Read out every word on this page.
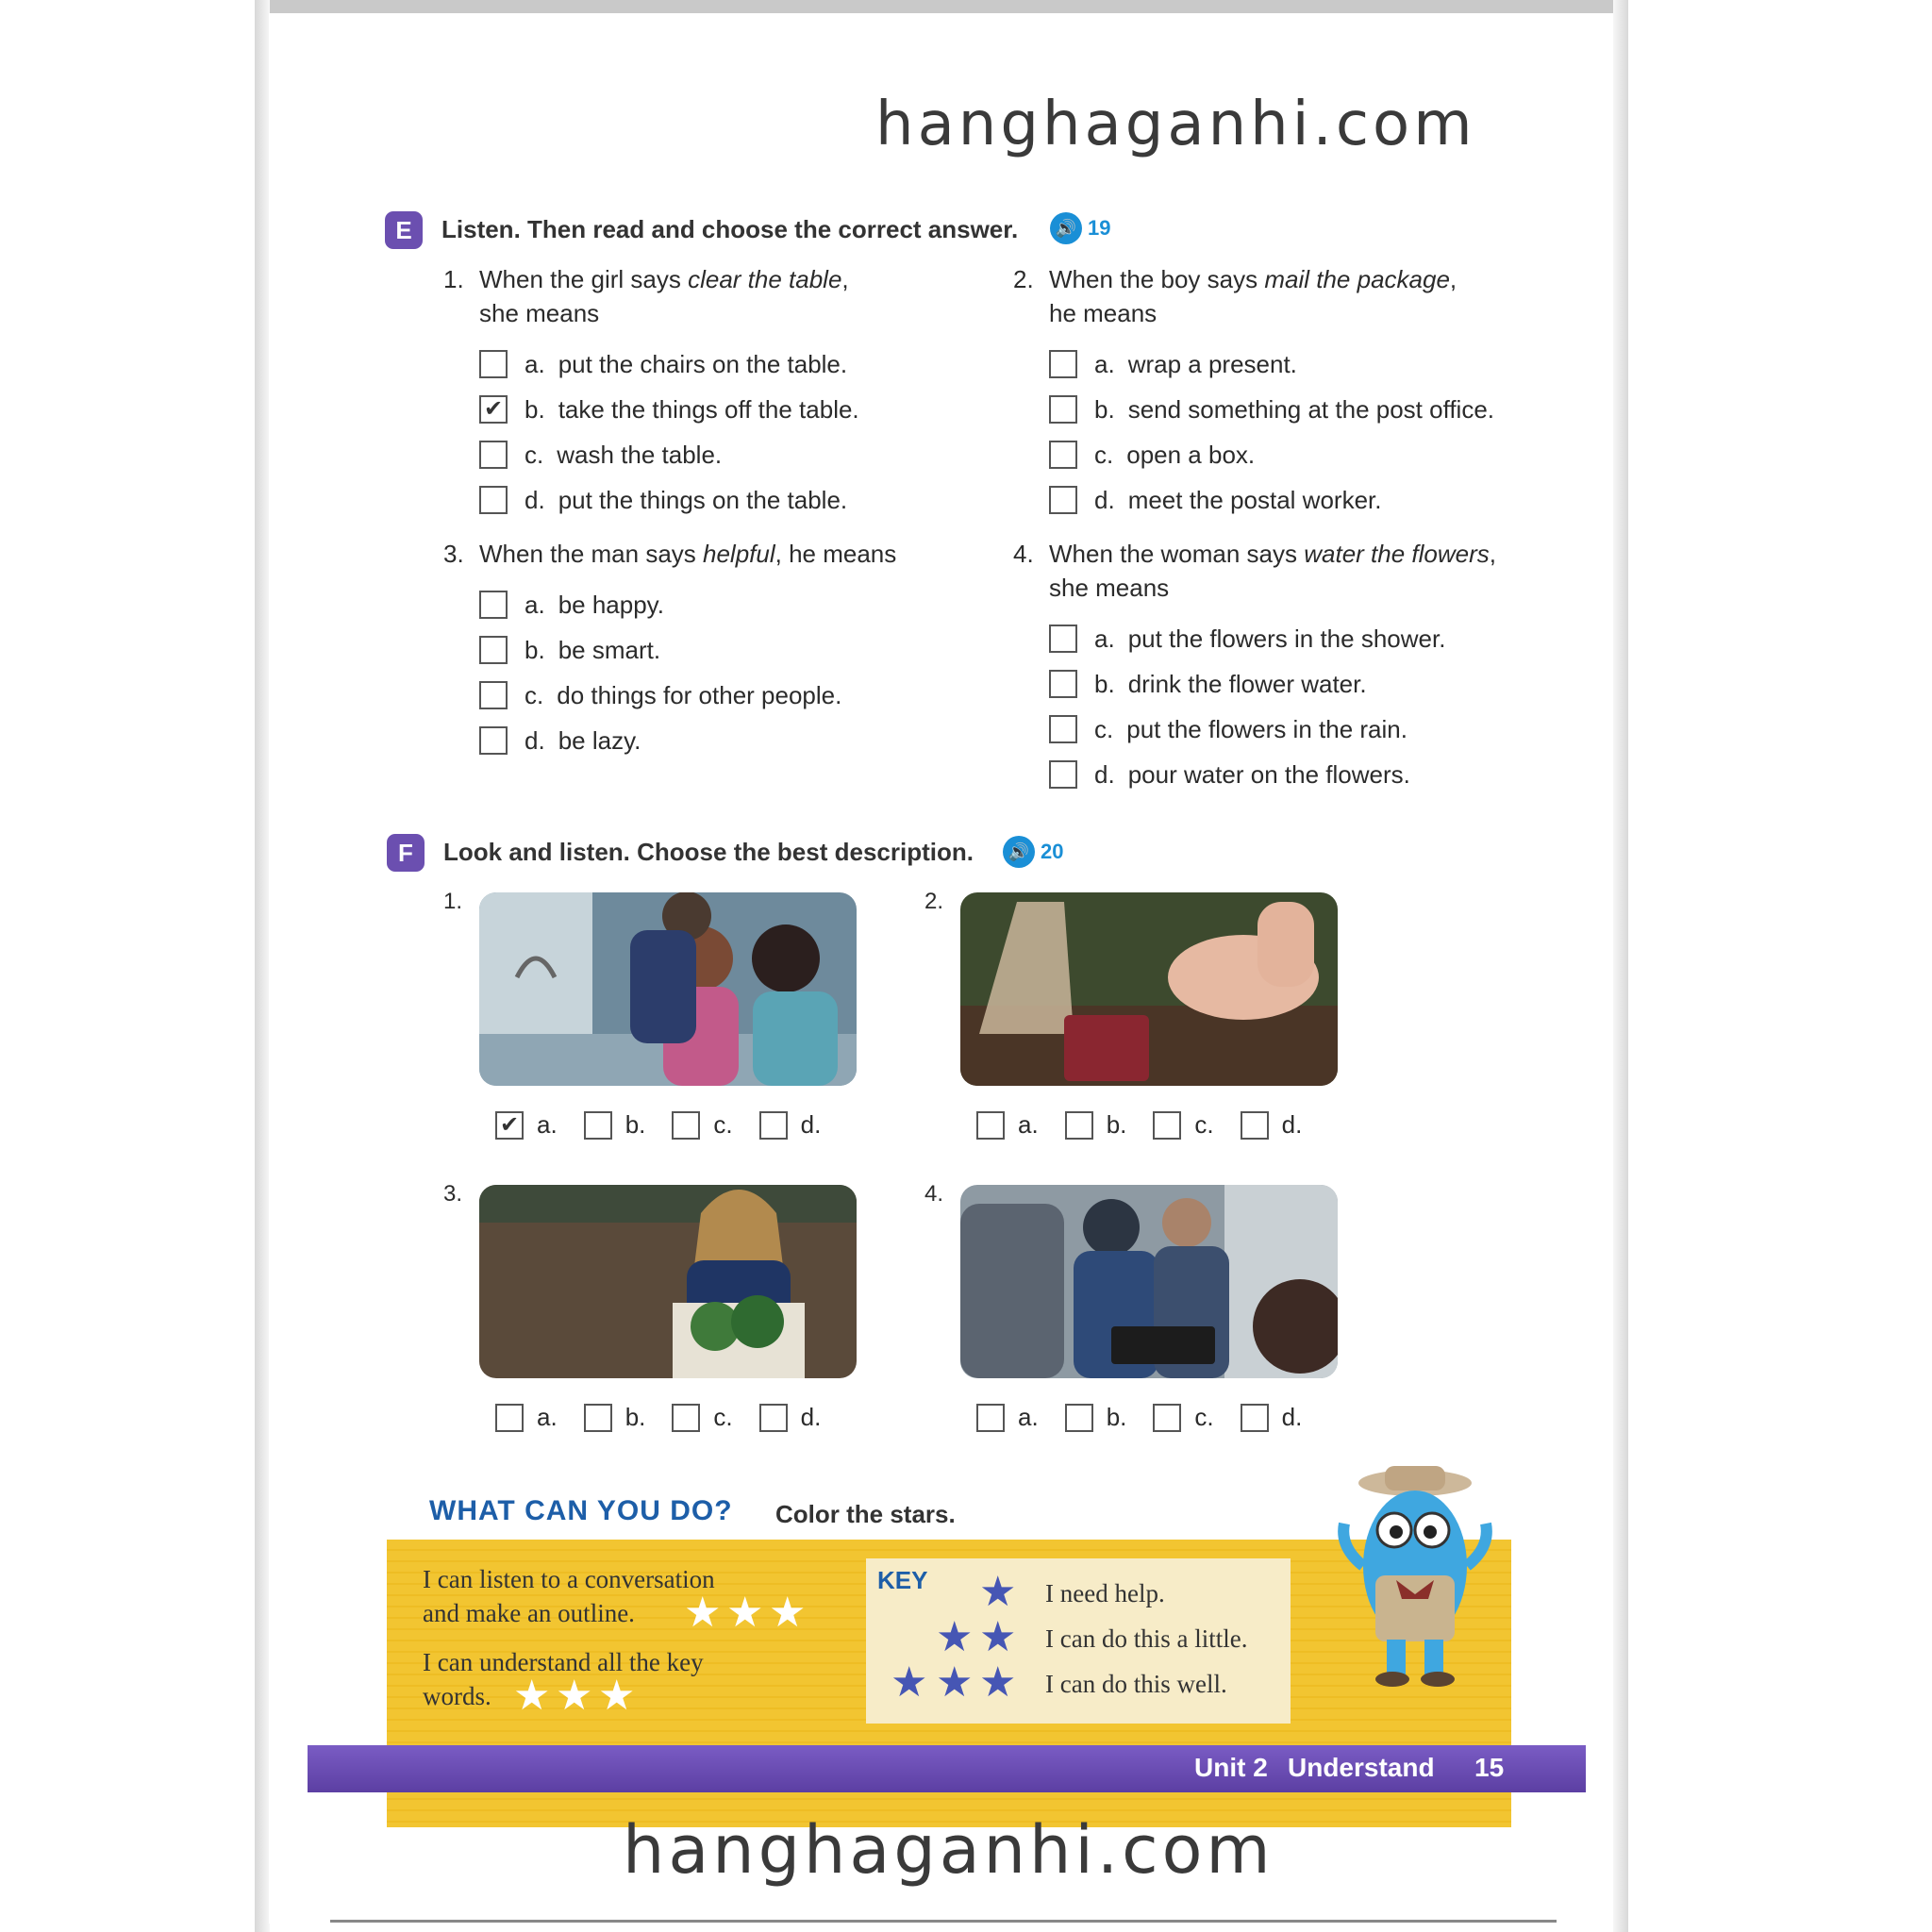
hanghaganhi.com
E	Listen. Then read and choose the correct answer.	🔊 19
1. When the girl says clear the table,
she means
a. put the chairs on the table.
✔ b. take the things off the table.
c. wash the table.
d. put the things on the table.
2. When the boy says mail the package,
he means
a. wrap a present.
b. send something at the post office.
c. open a box.
d. meet the postal worker.
3. When the man says helpful, he means
a. be happy.
b. be smart.
c. do things for other people.
d. be lazy.
4. When the woman says water the flowers,
she means
a. put the flowers in the shower.
b. drink the flower water.
c. put the flowers in the rain.
d. pour water on the flowers.
F	Look and listen. Choose the best description.	🔊 20
1.
✔ a.	b.	c.	d.
2.
a.	b.	c.	d.
3.
a.	b.	c.	d.
4.
a.	b.	c.	d.
WHAT CAN YOU DO? Color the stars.
I can listen to a conversation
and make an outline.	★ ★ ★
I can understand all the key
words. ★ ★ ★
KEY ★ I need help.
★ ★ I can do this a little.
★ ★ ★ I can do this well.
Unit 2 Understand 15
hanghaganhi.com
